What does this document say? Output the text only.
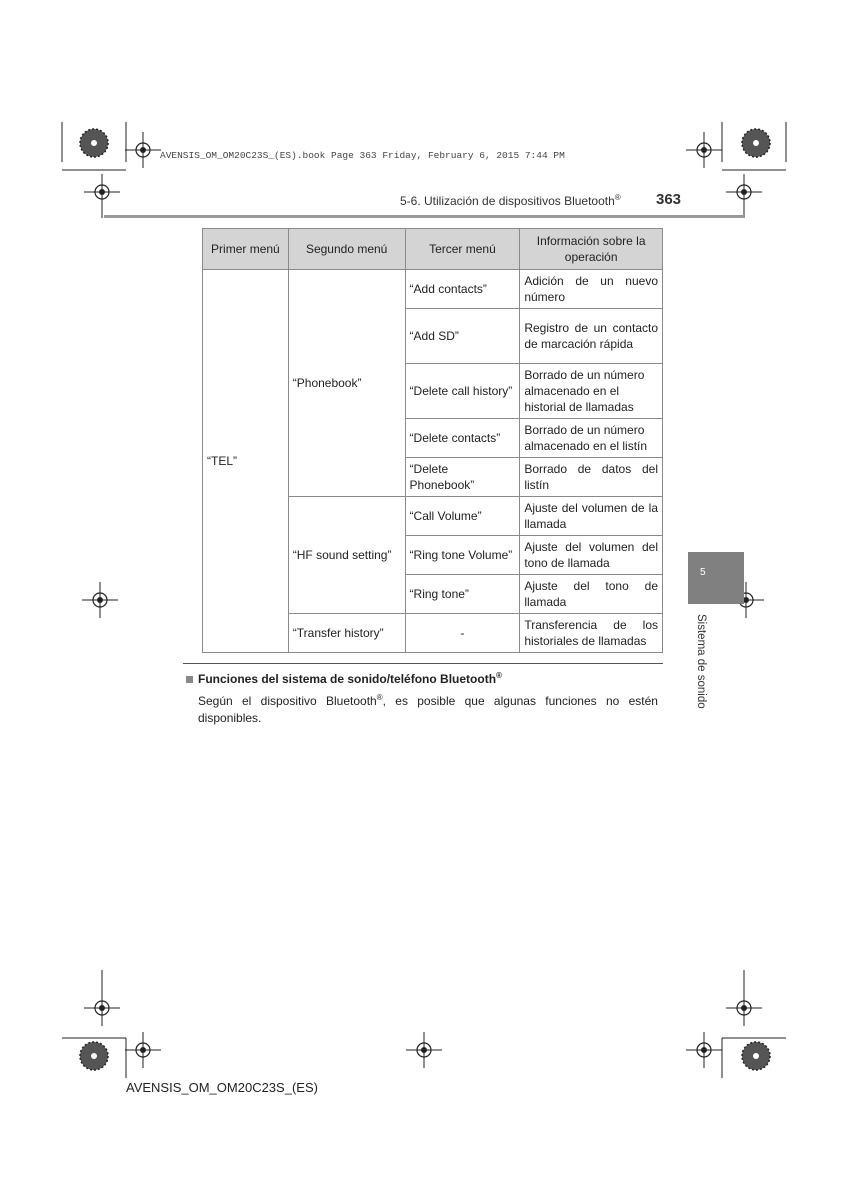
AVENSIS_OM_OM20C23S_(ES).book Page 363 Friday, February 6, 2015 7:44 PM
5-6. Utilización de dispositivos Bluetooth® 363
Primer menú	Segundo menú	Tercer menú	Información sobre la operación
“TEL”	“Phonebook”	“Add contacts”	Adición de un nuevo número
		“Add SD”	Registro de un contacto de marcación rápida
		“Delete call history”	Borrado de un número almacenado en el historial de llamadas
		“Delete contacts”	Borrado de un número almacenado en el listín
		“Delete Phonebook”	Borrado de datos del listín
	“HF sound setting”	“Call Volume”	Ajuste del volumen de la llamada
		“Ring tone Volume”	Ajuste del volumen del tono de llamada
		“Ring tone”	Ajuste del tono de llamada
	“Transfer history”	-	Transferencia de los historiales de llamadas
5
Sistema de sonido
Funciones del sistema de sonido/teléfono Bluetooth®
Según el dispositivo Bluetooth®, es posible que algunas funciones no estén disponibles.
AVENSIS_OM_OM20C23S_(ES)
